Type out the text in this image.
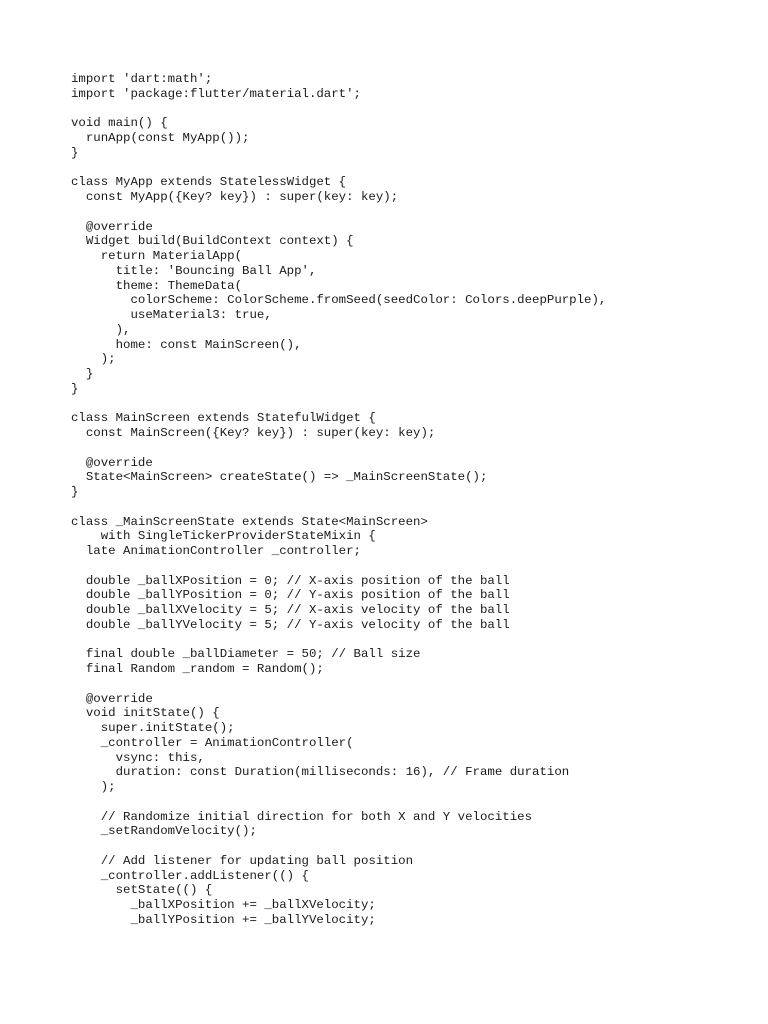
import 'dart:math';
import 'package:flutter/material.dart';
void main() {
runApp(const MyApp());
}
class MyApp extends StatelessWidget {
const MyApp({Key? key}) : super(key: key);
@override
Widget build(BuildContext context) {
return MaterialApp(
title: 'Bouncing Ball App',
theme: ThemeData(
colorScheme: ColorScheme.fromSeed(seedColor: Colors.deepPurple),
useMaterial3: true,
),
home: const MainScreen(),
);
}
}
class MainScreen extends StatefulWidget {
const MainScreen({Key? key}) : super(key: key);
@override
State<MainScreen> createState() => _MainScreenState();
}
class _MainScreenState extends State<MainScreen>
with SingleTickerProviderStateMixin {
late AnimationController _controller;
double _ballXPosition = 0; // X-axis position of the ball
double _ballYPosition = 0; // Y-axis position of the ball
double _ballXVelocity = 5; // X-axis velocity of the ball
double _ballYVelocity = 5; // Y-axis velocity of the ball
final double _ballDiameter = 50; // Ball size
final Random _random = Random();
@override
void initState() {
super.initState();
_controller = AnimationController(
vsync: this,
duration: const Duration(milliseconds: 16), // Frame duration
);
// Randomize initial direction for both X and Y velocities
_setRandomVelocity();
// Add listener for updating ball position
_controller.addListener(() {
setState(() {
_ballXPosition += _ballXVelocity;
_ballYPosition += _ballYVelocity;
